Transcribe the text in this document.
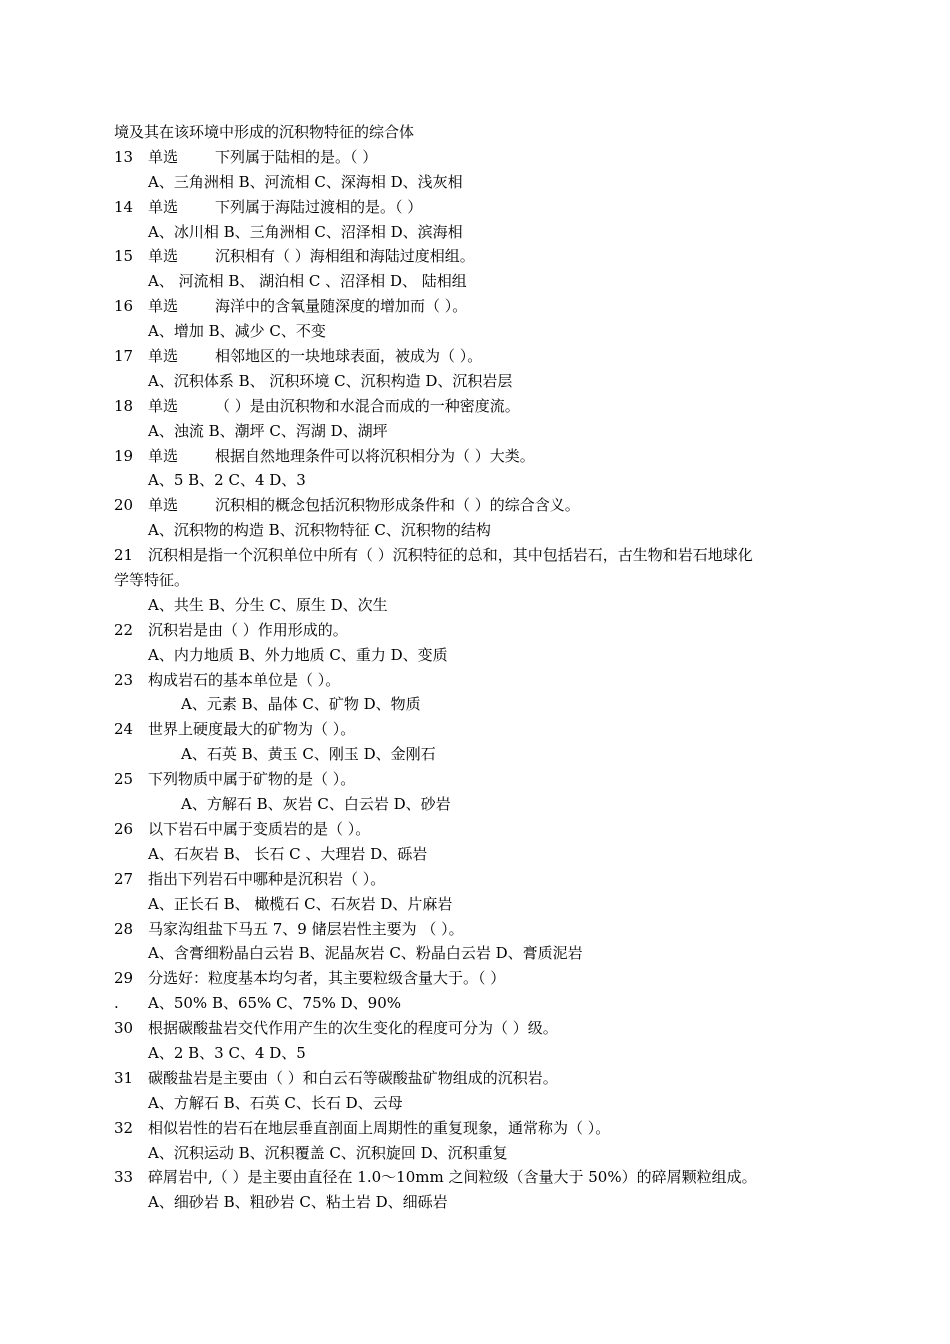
境及其在该环境中形成的沉积物特征的综合体
13 单选 下列属于陆相的是。（ ）
A、三角洲相 B、河流相 C、深海相 D、浅灰相
14 单选 下列属于海陆过渡相的是。（ ）
A、冰川相 B、三角洲相 C、沼泽相 D、滨海相
15 单选 沉积相有（ ）海相组和海陆过度相组。
A、 河流相 B、 湖泊相 C 、沼泽相 D、 陆相组
16 单选 海洋中的含氧量随深度的增加而（ ）。
A、增加 B、减少 C、不变
17 单选 相邻地区的一块地球表面，被成为（ ）。
A、沉积体系 B、 沉积环境 C、沉积构造 D、沉积岩层
18 单选 （ ）是由沉积物和水混合而成的一种密度流。
A、浊流 B、潮坪 C、泻湖 D、湖坪
19 单选 根据自然地理条件可以将沉积相分为（ ）大类。
A、5 B、2 C、4 D、3
20 单选 沉积相的概念包括沉积物形成条件和（ ）的综合含义。
A、沉积物的构造 B、沉积物特征 C、沉积物的结构
21 沉积相是指一个沉积单位中所有（ ）沉积特征的总和，其中包括岩石，古生物和岩石地球化
学等特征。
A、共生 B、分生 C、原生 D、次生
22 沉积岩是由（ ）作用形成的。
A、内力地质 B、外力地质 C、重力 D、变质
23 构成岩石的基本单位是（ ）。
A、元素 B、晶体 C、矿物 D、物质
24 世界上硬度最大的矿物为（ ）。
A、石英 B、黄玉 C、刚玉 D、金刚石
25 下列物质中属于矿物的是（ ）。
A、方解石 B、灰岩 C、白云岩 D、砂岩
26 以下岩石中属于变质岩的是（ ）。
A、石灰岩 B、 长石 C 、大理岩 D、砾岩
27 指出下列岩石中哪种是沉积岩（ ）。
A、正长石 B、 橄榄石 C、石灰岩 D、片麻岩
28 马家沟组盐下马五 7、9 储层岩性主要为 （ ）。
A、含膏细粉晶白云岩 B、泥晶灰岩 C、粉晶白云岩 D、膏质泥岩
29 分选好：粒度基本均匀者，其主要粒级含量大于。（ ）
. A、50% B、65% C、75% D、90%
30 根据碳酸盐岩交代作用产生的次生变化的程度可分为（ ）级。
A、2 B、3 C、4 D、5
31 碳酸盐岩是主要由（ ）和白云石等碳酸盐矿物组成的沉积岩。
A、方解石 B、石英 C、长石 D、云母
32 相似岩性的岩石在地层垂直剖面上周期性的重复现象，通常称为（ ）。
A、沉积运动 B、沉积覆盖 C、沉积旋回 D、沉积重复
33 碎屑岩中,（ ）是主要由直径在 1.0～10mm 之间粒级（含量大于 50%）的碎屑颗粒组成。
A、细砂岩 B、粗砂岩 C、粘土岩 D、细砾岩
